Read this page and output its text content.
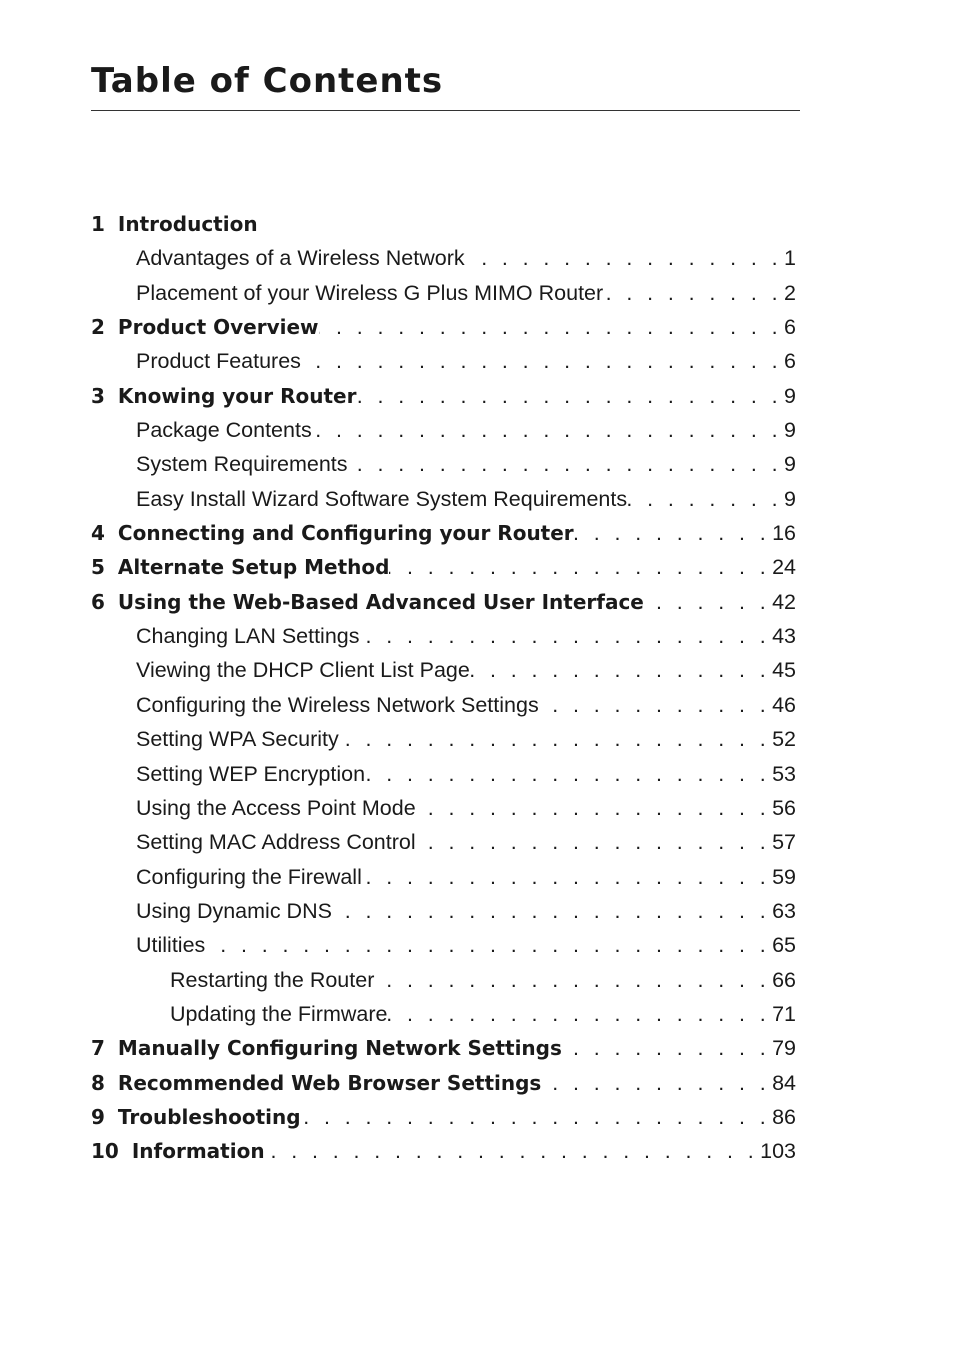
Table of Contents
1 Introduction
Advantages of a Wireless Network . . .	1
Placement of your Wireless G Plus MIMO Router . . .	2
2 Product Overview . . .	6
Product Features . . .	6
3 Knowing your Router . . .	9
Package Contents . . .	9
System Requirements . . .	9
Easy Install Wizard Software System Requirements . . .	9
4 Connecting and Configuring your Router . . .	16
5 Alternate Setup Method . . .	24
6 Using the Web-Based Advanced User Interface . . .	42
Changing LAN Settings . . .	43
Viewing the DHCP Client List Page . . .	45
Configuring the Wireless Network Settings . . .	46
Setting WPA Security . . .	52
Setting WEP Encryption . . .	53
Using the Access Point Mode . . .	56
Setting MAC Address Control . . .	57
Configuring the Firewall . . .	59
Using Dynamic DNS . . .	63
Utilities . . .	65
Restarting the Router . . .	66
Updating the Firmware . . .	71
7 Manually Configuring Network Settings . . .	79
8 Recommended Web Browser Settings . . .	84
9 Troubleshooting . . .	86
10 Information . . .	103
